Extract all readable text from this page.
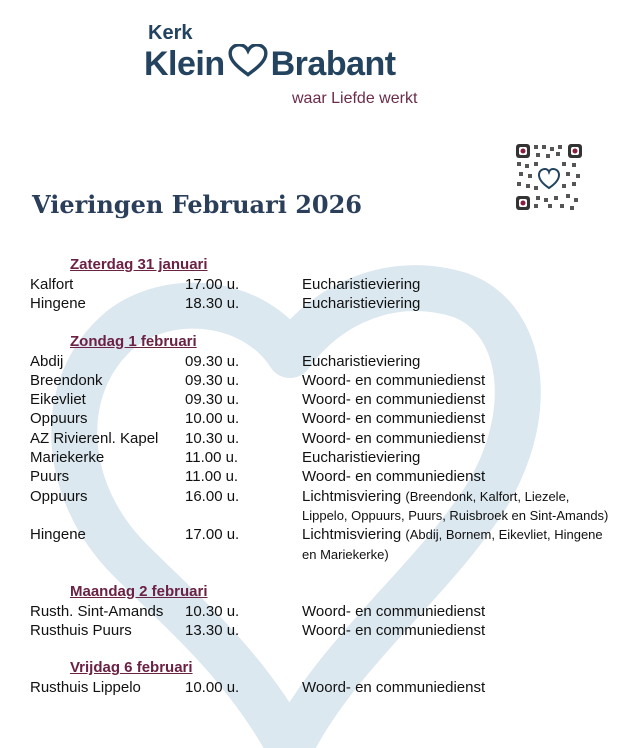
Kerk
Klein Brabant
waar Liefde werkt
Vieringen Februari 2026
Zaterdag 31 januari
Kalfort	17.00 u.	Eucharistieviering
Hingene	18.30 u.	Eucharistieviering
Zondag 1 februari
Abdij	09.30 u.	Eucharistieviering
Breendonk	09.30 u.	Woord- en communiedienst
Eikevliet	09.30 u.	Woord- en communiedienst
Oppuurs	10.00 u.	Woord- en communiedienst
AZ Rivierenl. Kapel	10.30 u.	Woord- en communiedienst
Mariekerke	11.00 u.	Eucharistieviering
Puurs	11.00 u.	Woord- en communiedienst
Oppuurs	16.00 u.	Lichtmisviering (Breendonk, Kalfort, Liezele, Lippelo, Oppuurs, Puurs, Ruisbroek en Sint-Amands)
Hingene	17.00 u.	Lichtmisviering (Abdij, Bornem, Eikevliet, Hingene en Mariekerke)
Maandag 2 februari
Rusth. Sint-Amands	10.30 u.	Woord- en communiedienst
Rusthuis Puurs	13.30 u.	Woord- en communiedienst
Vrijdag 6 februari
Rusthuis Lippelo	10.00 u.	Woord- en communiedienst
